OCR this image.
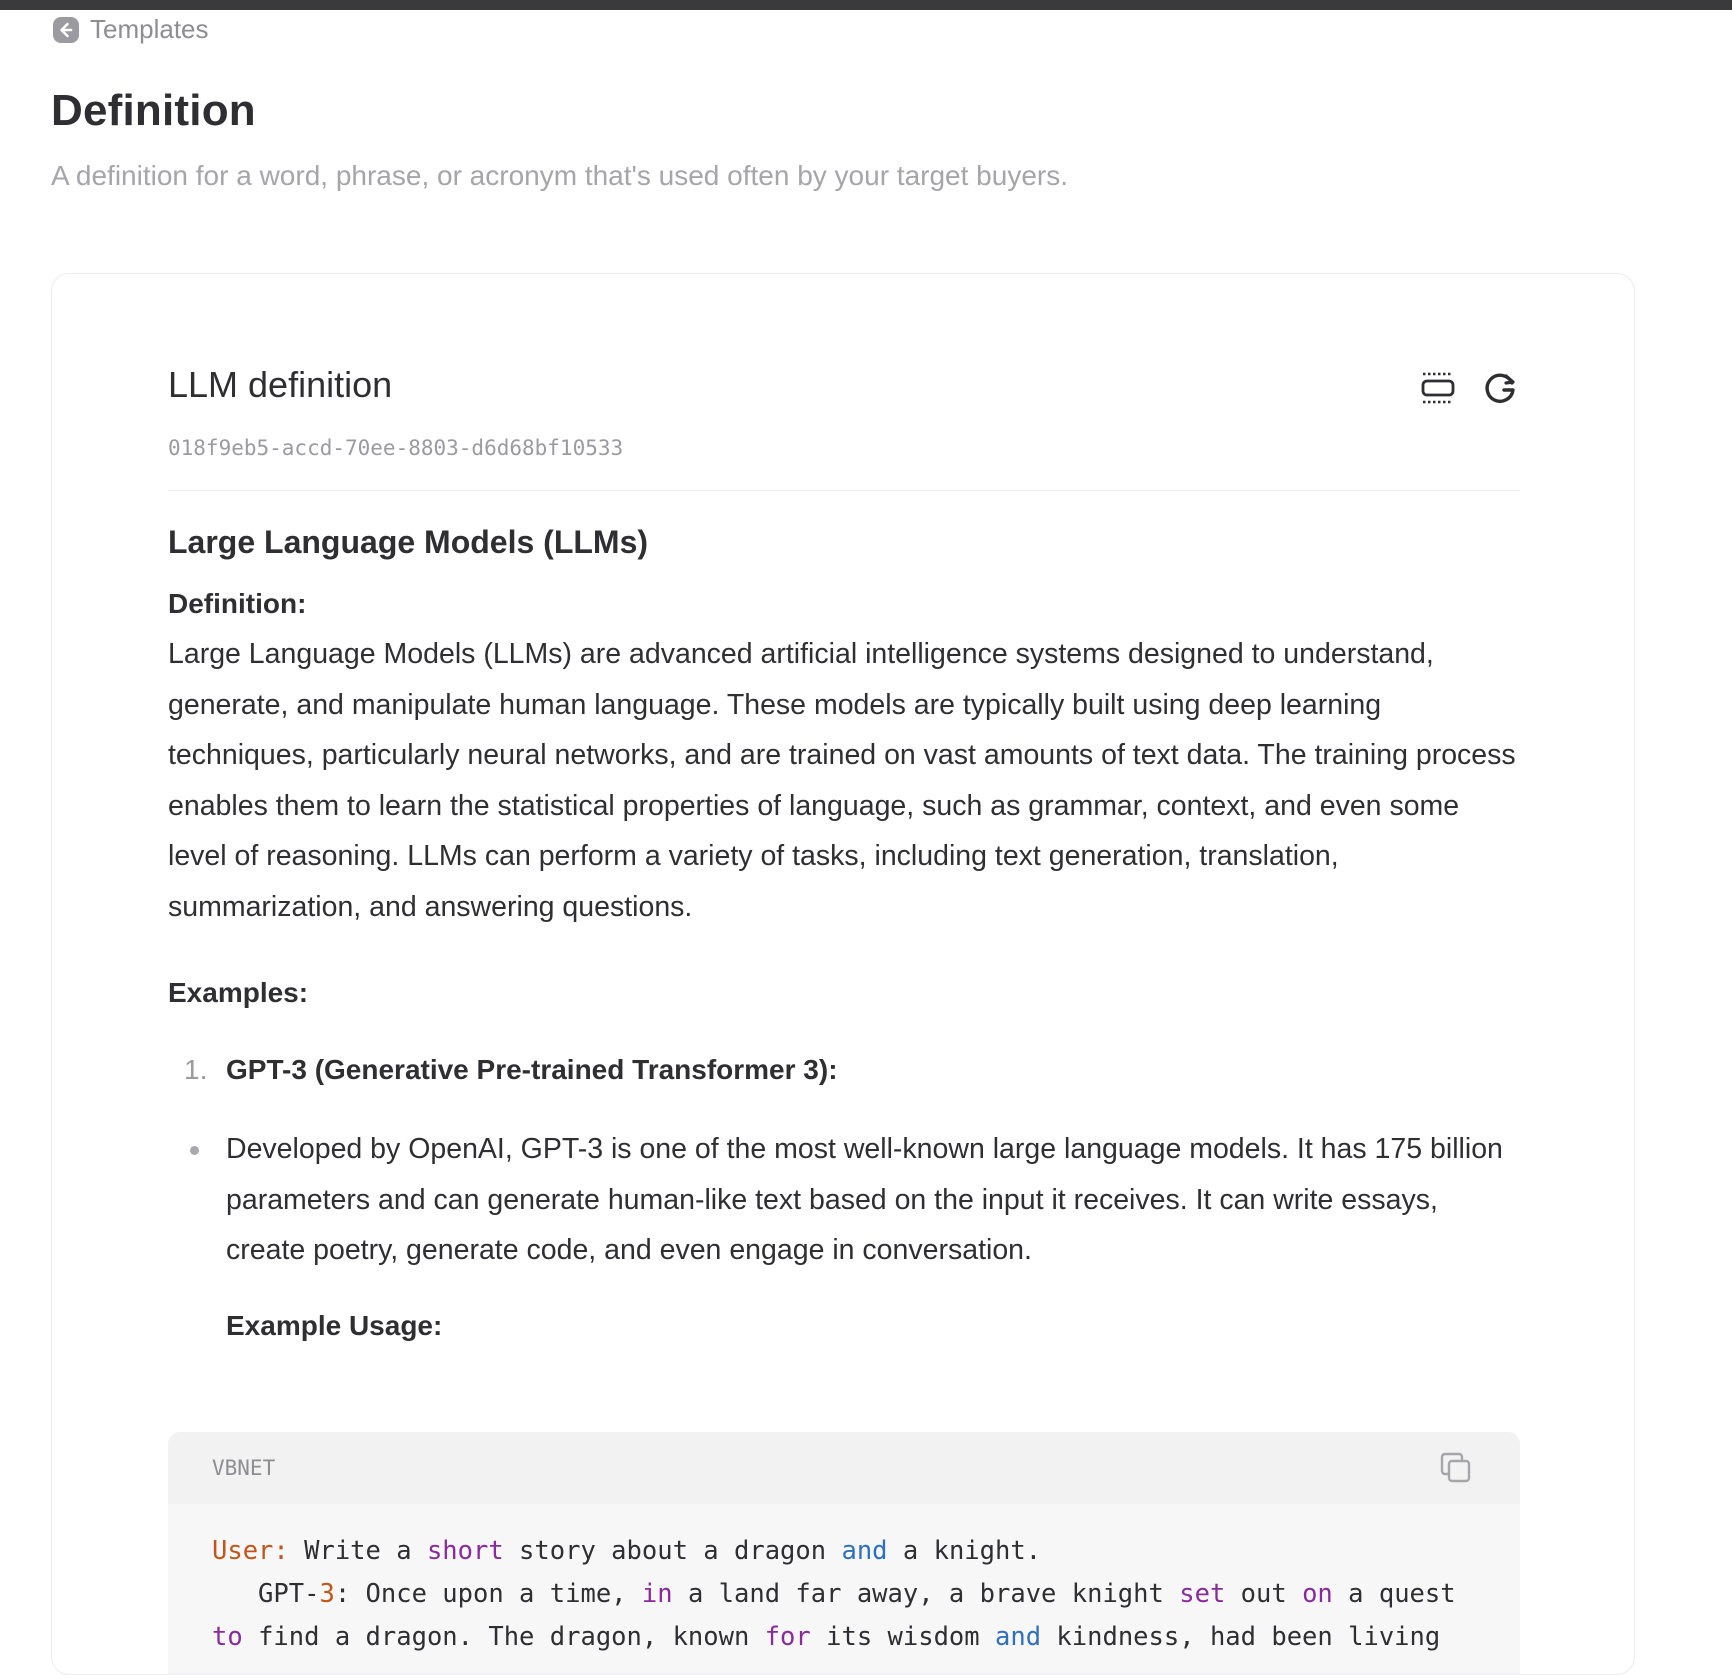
Templates
Definition

A definition for a word, phrase, or acronym that's used often by your target buyers.

LLM definition
018f9eb5-accd-70ee-8803-d6d68bf10533
Large Language Models (LLMs)

Definition:

Large Language Models (LLMs) are advanced artificial intelligence systems designed to understand, generate, and manipulate human language. These models are typically built using deep learning techniques, particularly neural networks, and are trained on vast amounts of text data. The training process enables them to learn the statistical properties of language, such as grammar, context, and even some level of reasoning. LLMs can perform a variety of tasks, including text generation, translation, summarization, and answering questions.

Examples:

1. GPT-3 (Generative Pre-trained Transformer 3):
Developed by OpenAI, GPT-3 is one of the most well-known large language models. It has 175 billion parameters and can generate human-like text based on the input it receives. It can write essays, create poetry, generate code, and even engage in conversation.
Example Usage:
VBNET
User: Write a short story about a dragon and a knight.
GPT-3: Once upon a time, in a land far away, a brave knight set out on a quest
to find a dragon. The dragon, known for its wisdom and kindness, had been living
